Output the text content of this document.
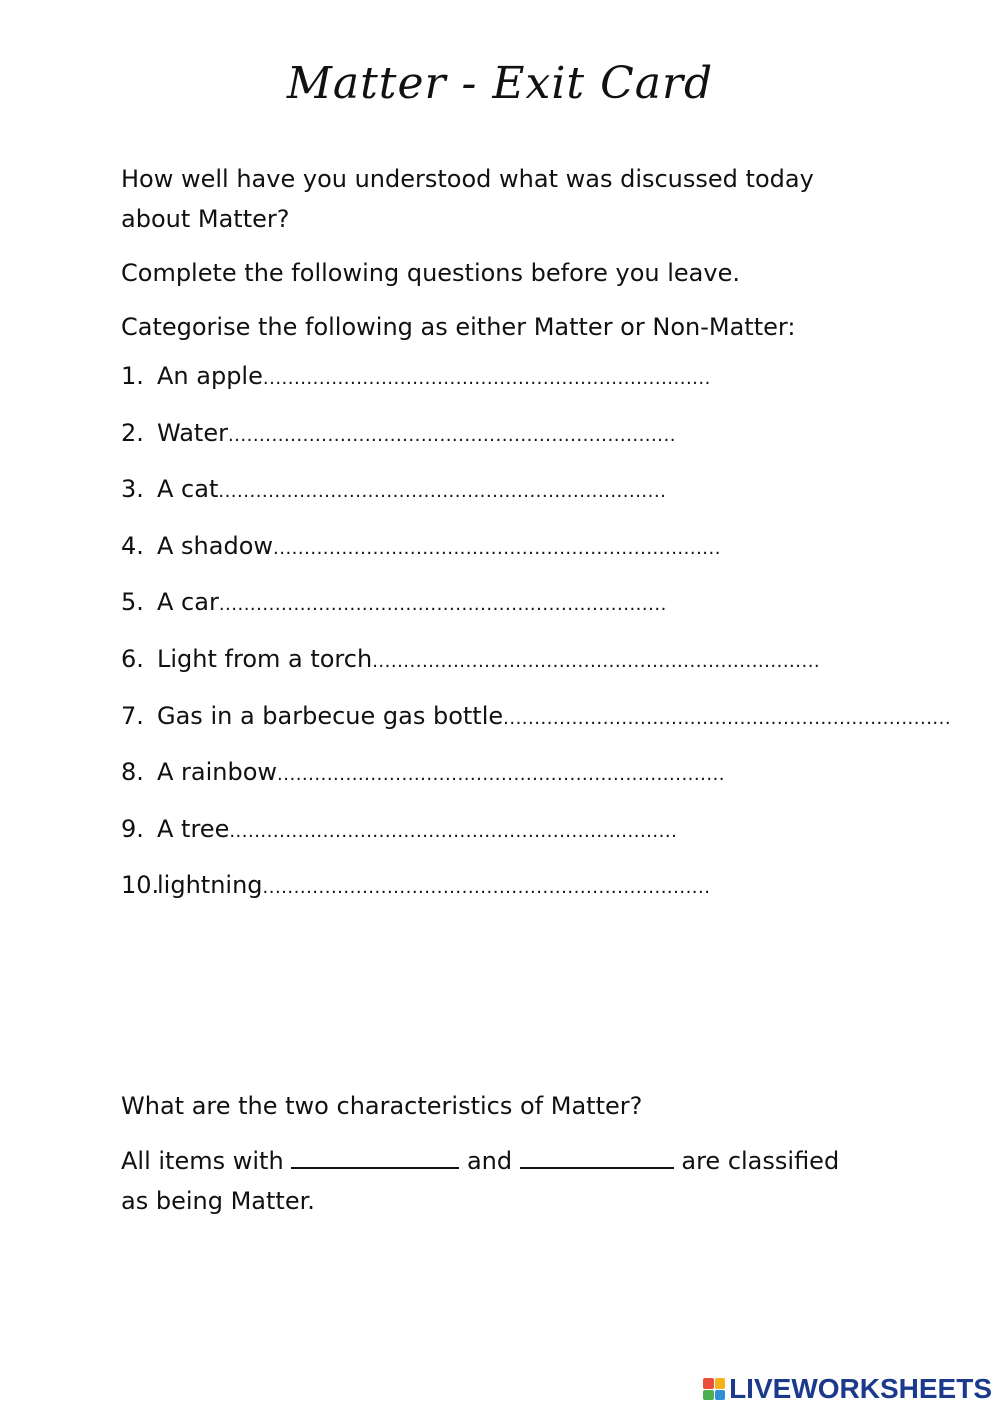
Matter - Exit Card
How well have you understood what was discussed today about Matter?
Complete the following questions before you leave.
Categorise the following as either Matter or Non-Matter:
1. An apple ........................................................................
2. Water ........................................................................
3. A cat ........................................................................
4. A shadow ........................................................................
5. A car ........................................................................
6. Light from a torch ........................................................................
7. Gas in a barbecue gas bottle ........................................................................
8. A rainbow ........................................................................
9. A tree ........................................................................
10.
lightning ........................................................................
What are the two characteristics of Matter?
All items with	and	are classified
as being Matter.
LIVEWORKSHEETS
